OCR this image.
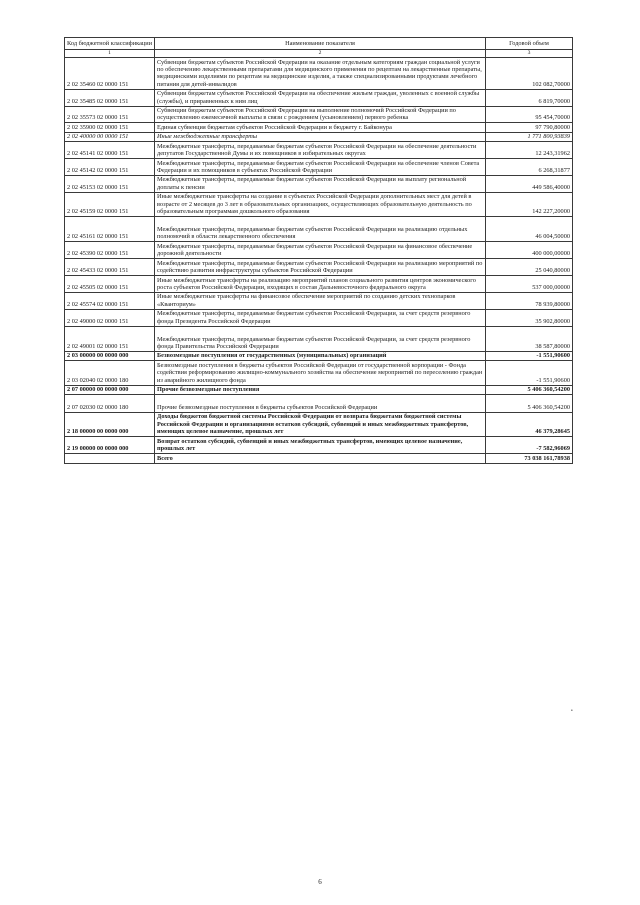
Код бюджетной классификации	Наименование показателя	Годовой объем
1	2	3
2 02 35460 02 0000 151	Субвенции бюджетам субъектов Российской Федерации на оказание отдельным категориям граждан социальной услуги по обеспечению лекарственными препаратами для медицинского применения по рецептам на лекарственные препараты, медицинскими изделиями по рецептам на медицинские изделия, а также специализированными продуктами лечебного питания для детей-инвалидов	102 082,70000
2 02 35485 02 0000 151	Субвенции бюджетам субъектов Российской Федерации на обеспечение жильем граждан, уволенных с военной службы (службы), и приравненных к ним лиц	6 819,70000
2 02 35573 02 0000 151	Субвенции бюджетам субъектов Российской Федерации на выполнение полномочий Российской Федерации по осуществлению ежемесячной выплаты в связи с рождением (усыновлением) первого ребенка	95 454,70000
2 02 35900 02 0000 151	Единая субвенция бюджетам субъектов Российской Федерации и бюджету г. Байконура	97 790,80000
2 02 40000 00 0000 151	Иные межбюджетные трансферты	1 771 800,93839
2 02 45141 02 0000 151	Межбюджетные трансферты, передаваемые бюджетам субъектов Российской Федерации на обеспечение деятельности депутатов Государственной Думы и их помощников в избирательных округах	12 243,31962
2 02 45142 02 0000 151	Межбюджетные трансферты, передаваемые бюджетам субъектов Российской Федерации на обеспечение членов Совета Федерации и их помощников в субъектах Российской Федерации	6 268,31877
2 02 45153 02 0000 151	Межбюджетные трансферты, передаваемые бюджетам субъектов Российской Федерации на выплату региональной доплаты к пенсии	449 586,40000
2 02 45159 02 0000 151	Иные межбюджетные трансферты на создание в субъектах Российской Федерации дополнительных мест для детей в возрасте от 2 месяцев до 3 лет в образовательных организациях, осуществляющих образовательную деятельность по образовательным программам дошкольного образования	142 227,20000
2 02 45161 02 0000 151	Межбюджетные трансферты, передаваемые бюджетам субъектов Российской Федерации на реализацию отдельных полномочий в области лекарственного обеспечения	46 004,50000
2 02 45390 02 0000 151	Межбюджетные трансферты, передаваемые бюджетам субъектов Российской Федерации на финансовое обеспечение дорожной деятельности	400 000,00000
2 02 45433 02 0000 151	Межбюджетные трансферты, передаваемые бюджетам субъектов Российской Федерации на реализацию мероприятий по содействию развития инфраструктуры субъектов Российской Федерации	25 040,80000
2 02 45505 02 0000 151	Иные межбюджетные трансферты на реализацию мероприятий планов социального развития центров экономического роста субъектов Российской Федерации, входящих в состав Дальневосточного федерального округа	537 000,00000
2 02 45574 02 0000 151	Иные межбюджетные трансферты на финансовое обеспечение мероприятий по созданию детских технопарков «Кванториум»	78 939,80000
2 02 49000 02 0000 151	Межбюджетные трансферты, передаваемые бюджетам субъектов Российской Федерации, за счет средств резервного фонда Президента Российской Федерации	35 902,80000
2 02 49001 02 0000 151	Межбюджетные трансферты, передаваемые бюджетам субъектов Российской Федерации, за счет средств резервного фонда Правительства Российской Федерации	38 587,80000
2 03 00000 00 0000 000	Безвозмездные поступления от государственных (муниципальных) организаций	-1 551,90600
2 03 02040 02 0000 180	Безвозмездные поступления в бюджеты субъектов Российской Федерации от государственной корпорации - Фонда содействия реформированию жилищно-коммунального хозяйства на обеспечение мероприятий по переселению граждан из аварийного жилищного фонда	-1 551,90600
2 07 00000 00 0000 000	Прочие безвозмездные поступления	5 406 360,54200
2 07 02030 02 0000 180	Прочие безвозмездные поступления в бюджеты субъектов Российской Федерации	5 406 360,54200
2 18 00000 00 0000 000	Доходы бюджетов бюджетной системы Российской Федерации от возврата бюджетами бюджетной системы Российской Федерации и организациями остатков субсидий, субвенций и иных межбюджетных трансфертов, имеющих целевое назначение, прошлых лет	46 379,28645
2 19 00000 00 0000 000	Возврат остатков субсидий, субвенций и иных межбюджетных трансфертов, имеющих целевое назначение, прошлых лет	-7 582,96069
	Всего	73 038 161,78938
•
6
